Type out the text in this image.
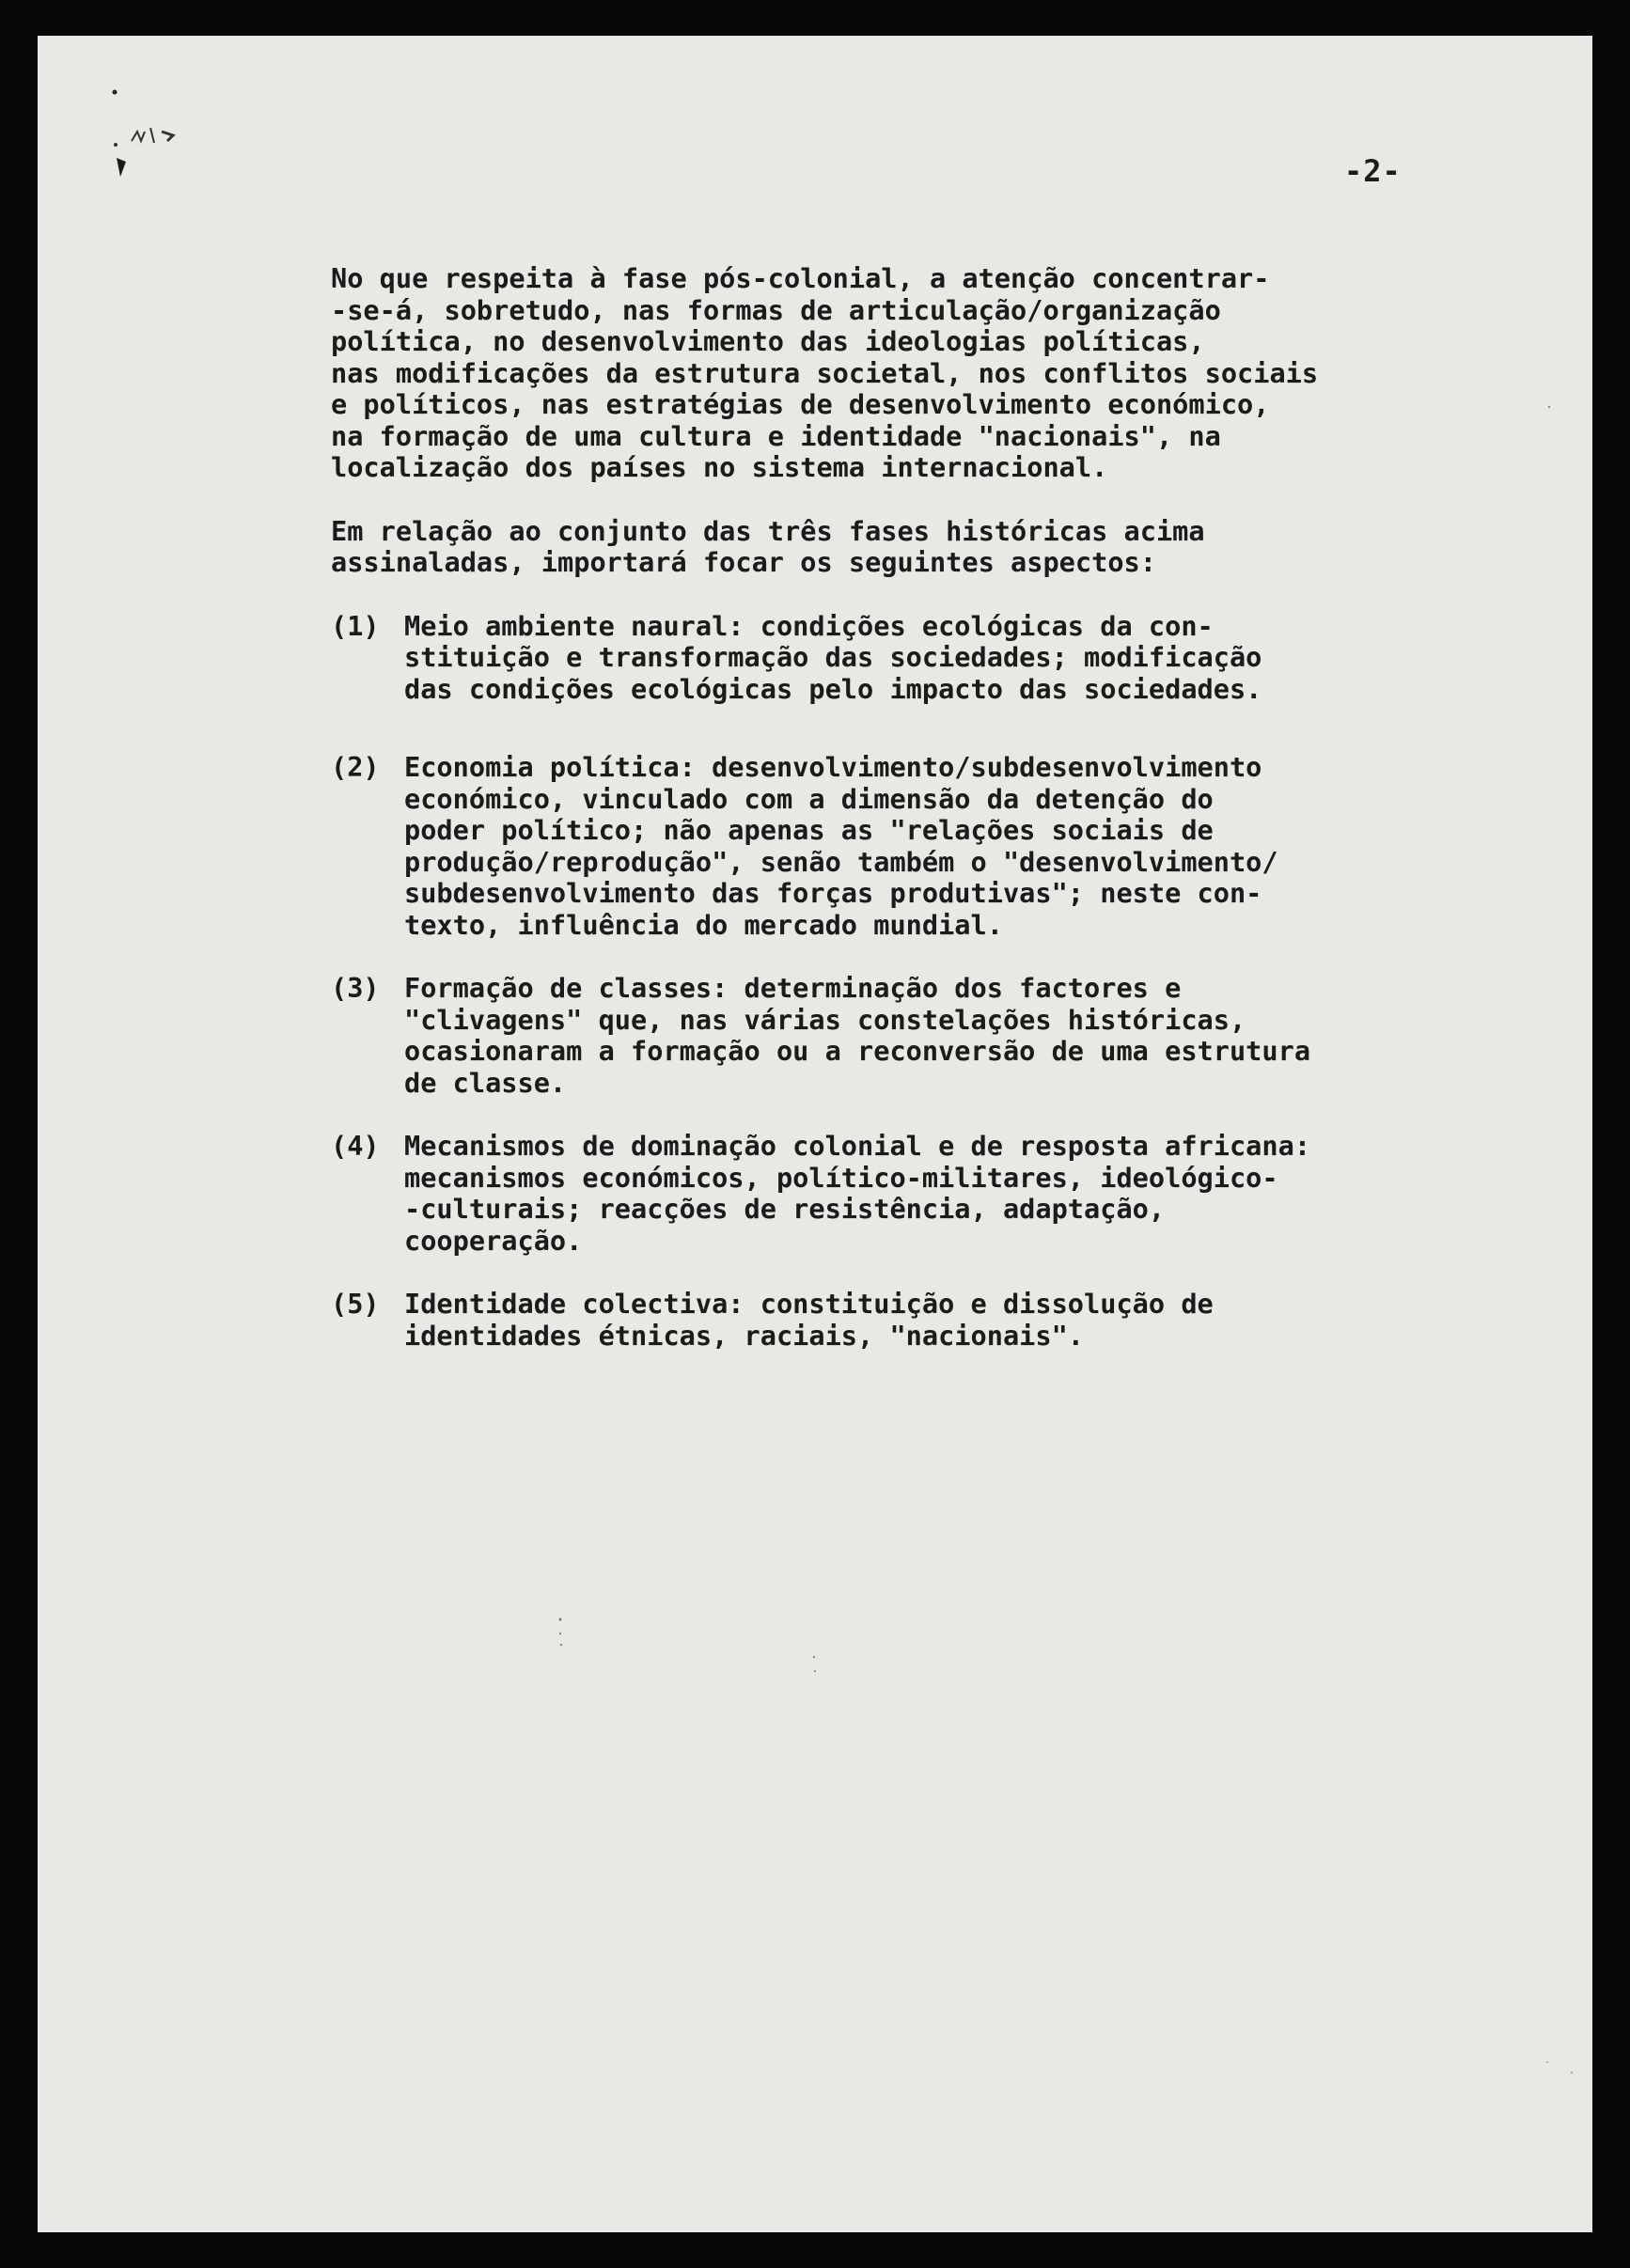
-2-

No que respeita à fase pós-colonial, a atenção concentrar-
-se-á, sobretudo, nas formas de articulação/organização
política, no desenvolvimento das ideologias políticas,
nas modificações da estrutura societal, nos conflitos sociais
e políticos, nas estratégias de desenvolvimento económico,
na formação de uma cultura e identidade "nacionais", na
localização dos países no sistema internacional.

Em relação ao conjunto das três fases históricas acima
assinaladas, importará focar os seguintes aspectos:

(1) Meio ambiente naural: condições ecológicas da con-
stituição e transformação das sociedades; modificação
das condições ecológicas pelo impacto das sociedades.
(2) Economia política: desenvolvimento/subdesenvolvimento
económico, vinculado com a dimensão da detenção do
poder político; não apenas as "relações sociais de
produção/reprodução", senão também o "desenvolvimento/
subdesenvolvimento das forças produtivas"; neste con-
texto, influência do mercado mundial.
(3) Formação de classes: determinação dos factores e
"clivagens" que, nas várias constelações históricas,
ocasionaram a formação ou a reconversão de uma estrutura
de classe.
(4) Mecanismos de dominação colonial e de resposta africana:
mecanismos económicos, político-militares, ideológico-
-culturais; reacções de resistência, adaptação,
cooperação.
(5) Identidade colectiva: constituição e dissolução de
identidades étnicas, raciais, "nacionais".
